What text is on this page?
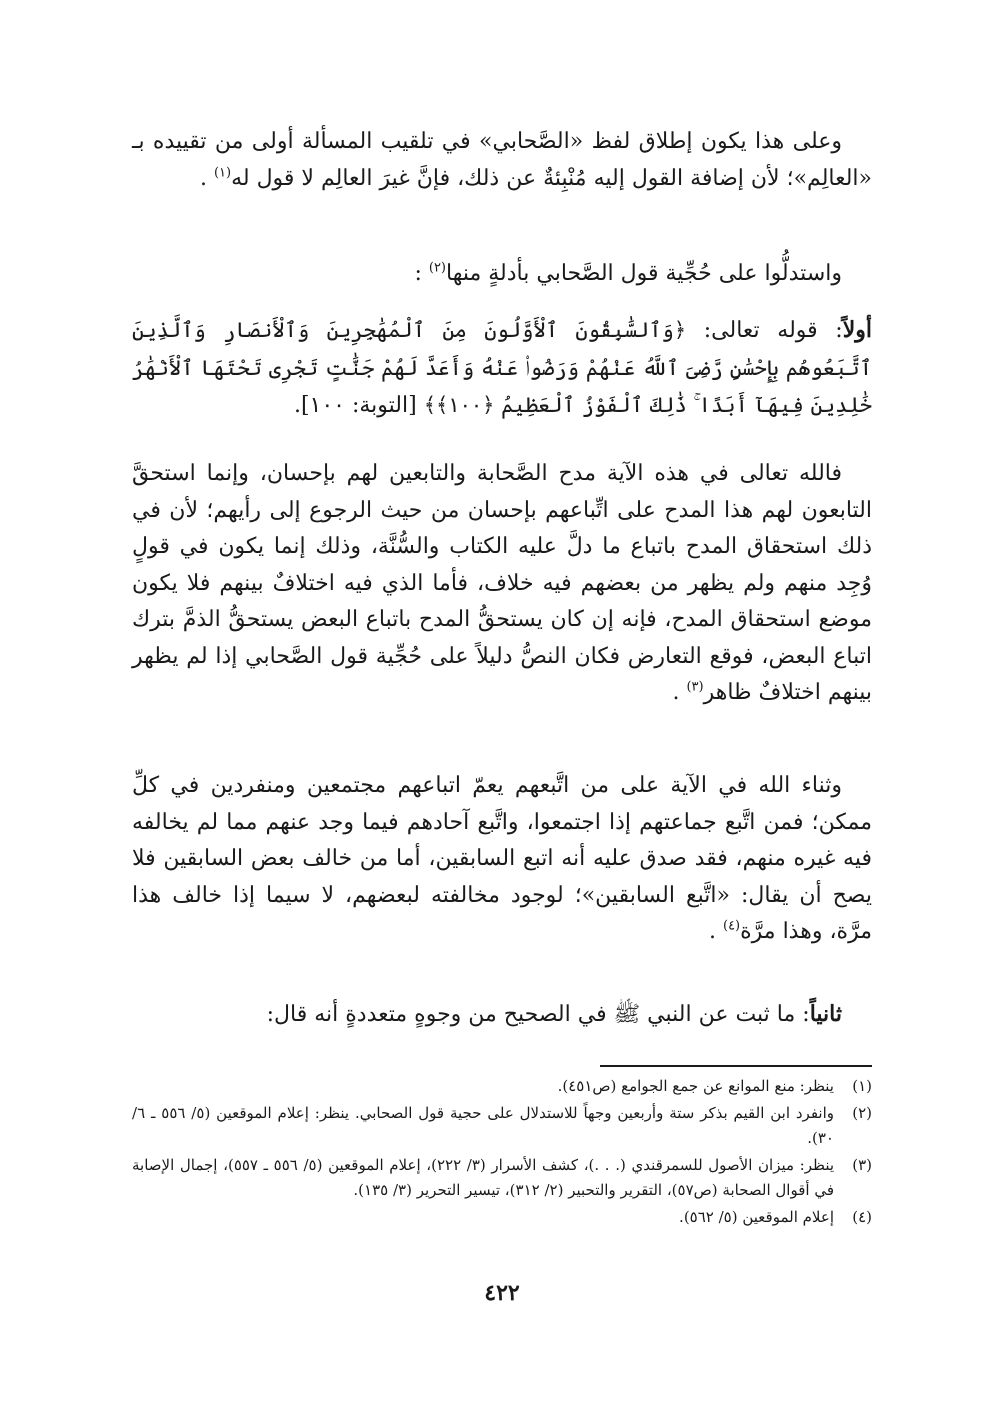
وعلى هذا يكون إطلاق لفظ «الصَّحابي» في تلقيب المسألة أولى من تقييده بـ «العالِم»؛ لأن إضافة القول إليه مُنْبِئةٌ عن ذلك، فإنَّ غيرَ العالِم لا قول له$^{(١)}$ .
واستدلُّوا على حُجِّية قول الصَّحابي بأدلةٍ منها$^{(٢)}$ :
أولاً: قوله تعالى: ﴿وَٱلسَّٰبِقُونَ ٱلْأَوَّلُونَ مِنَ ٱلْمُهَٰجِرِينَ وَٱلْأَنصَارِ وَٱلَّذِينَ ٱتَّبَعُوهُم بِإِحْسَٰنٍ رَّضِىَ ٱللَّهُ عَنْهُمْ وَرَضُوا۟ عَنْهُ وَأَعَدَّ لَهُمْ جَنَّٰتٍ تَجْرِى تَحْتَهَا ٱلْأَنْهَٰرُ خَٰلِدِينَ فِيهَآ أَبَدًا ۚ ذَٰلِكَ ٱلْفَوْزُ ٱلْعَظِيمُ ﴿١٠٠﴾﴾ [التوبة: ١٠٠].
فالله تعالى في هذه الآية مدح الصَّحابة والتابعين لهم بإحسان، وإنما استحقَّ التابعون لهم هذا المدح على اتِّباعهم بإحسان من حيث الرجوع إلى رأيهم؛ لأن في ذلك استحقاق المدح باتباع ما دلَّ عليه الكتاب والسُّنَّة، وذلك إنما يكون في قولٍ وُجِد منهم ولم يظهر من بعضهم فيه خلاف، فأما الذي فيه اختلافٌ بينهم فلا يكون موضع استحقاق المدح، فإنه إن كان يستحقُّ المدح باتباع البعض يستحقُّ الذمَّ بترك اتباع البعض، فوقع التعارض فكان النصُّ دليلاً على حُجِّية قول الصَّحابي إذا لم يظهر بينهم اختلافٌ ظاهر$^{(٣)}$ .
وثناء الله في الآية على من اتَّبعهم يعمّ اتباعهم مجتمعين ومنفردين في كلِّ ممكن؛ فمن اتَّبع جماعتهم إذا اجتمعوا، واتَّبع آحادهم فيما وجد عنهم مما لم يخالفه فيه غيره منهم، فقد صدق عليه أنه اتبع السابقين، أما من خالف بعض السابقين فلا يصح أن يقال: «اتَّبع السابقين»؛ لوجود مخالفته لبعضهم، لا سيما إذا خالف هذا مرَّة، وهذا مرَّة$^{(٤)}$ .
ثانياً: ما ثبت عن النبي ﷺ في الصحيح من وجوهٍ متعددةٍ أنه قال:
(١)
ينظر: منع الموانع عن جمع الجوامع (ص٤٥١).
(٢)
وانفرد ابن القيم بذكر ستة وأربعين وجهاً للاستدلال على حجية قول الصحابي. ينظر: إعلام الموقعين (٥/ ٥٥٦ ـ ٦/ ٣٠).
(٣)
ينظر: ميزان الأصول للسمرقندي (. . .)، كشف الأسرار (٣/ ٢٢٢)، إعلام الموقعين (٥/ ٥٥٦ ـ ٥٥٧)، إجمال الإصابة في أقوال الصحابة (ص٥٧)، التقرير والتحبير (٢/ ٣١٢)، تيسير التحرير (٣/ ١٣٥).
(٤)
إعلام الموقعين (٥/ ٥٦٢).
٤٢٢
